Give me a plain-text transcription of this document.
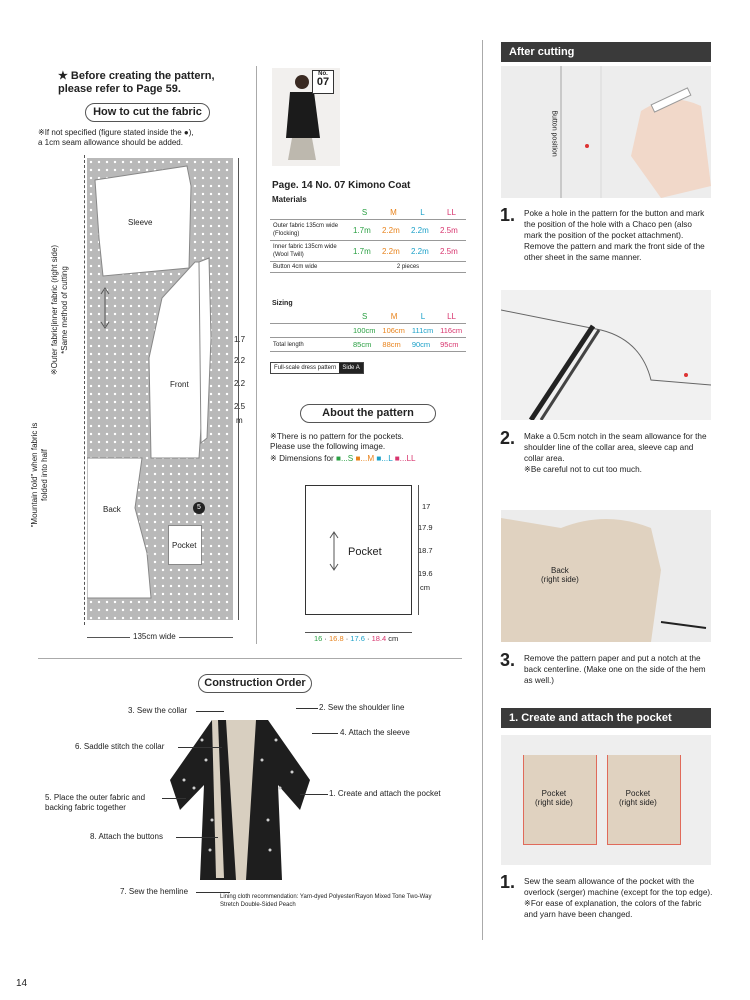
★ Before creating the pattern,
please refer to Page 59.
How to cut the fabric
※If not specified (figure stated inside the ●),
a 1cm seam allowance should be added.
Sleeve
Front
Back
Pocket
5
※Outer fabric|inner fabric (right side)
*Same method of cutting
"Mountain fold" when fabric is
folded into half
135cm wide
1.7
2.2
2.2
2.5
m
No.
07
Page. 14 No. 07 Kimono Coat
Materials
	S	M	L	LL
Outer fabric 135cm wide (Flocking)	1.7m	2.2m	2.2m	2.5m
Inner fabric 135cm wide (Wool Twill)	1.7m	2.2m	2.2m	2.5m
Button 4cm wide	2 pieces			
Sizing
	S	M	L	LL
	100cm	106cm	111cm	116cm
Total length	85cm	88cm	90cm	95cm
Full-scale dress pattern Side A
About the pattern
※There is no pattern for the pockets.
Please use the following image.
※ Dimensions for ■...S ■...M ■...L ■...LL
Pocket
17
17.9
18.7
19.6
cm
16 · 16.8 · 17.6 · 18.4 cm
Construction Order
3. Sew the collar
6. Saddle stitch the collar
5. Place the outer fabric and
backing fabric together
8. Attach the buttons
7. Sew the hemline
2. Sew the shoulder line
4. Attach the sleeve
1. Create and attach the pocket
Lining cloth recommendation: Yarn-dyed Polyester/Rayon Mixed Tone Two-Way
Stretch Double-Sided Peach
After cutting
Button position
1. Poke a hole in the pattern for the button and mark the position of the hole with a Chaco pen (also mark the position of the pocket attachment). Remove the pattern and mark the front side of the other sheet in the same manner.
2. Make a 0.5cm notch in the seam allowance for the shoulder line of the collar area, sleeve cap and collar area.
※Be careful not to cut too much.
Back
(right side)
3. Remove the pattern paper and put a notch at the back centerline. (Make one on the side of the hem as well.)
1. Create and attach the pocket
Pocket
(right side)
Pocket
(right side)
1. Sew the seam allowance of the pocket with the overlock (serger) machine (except for the top edge).
※For ease of explanation, the colors of the fabric and yarn have been changed.
14
